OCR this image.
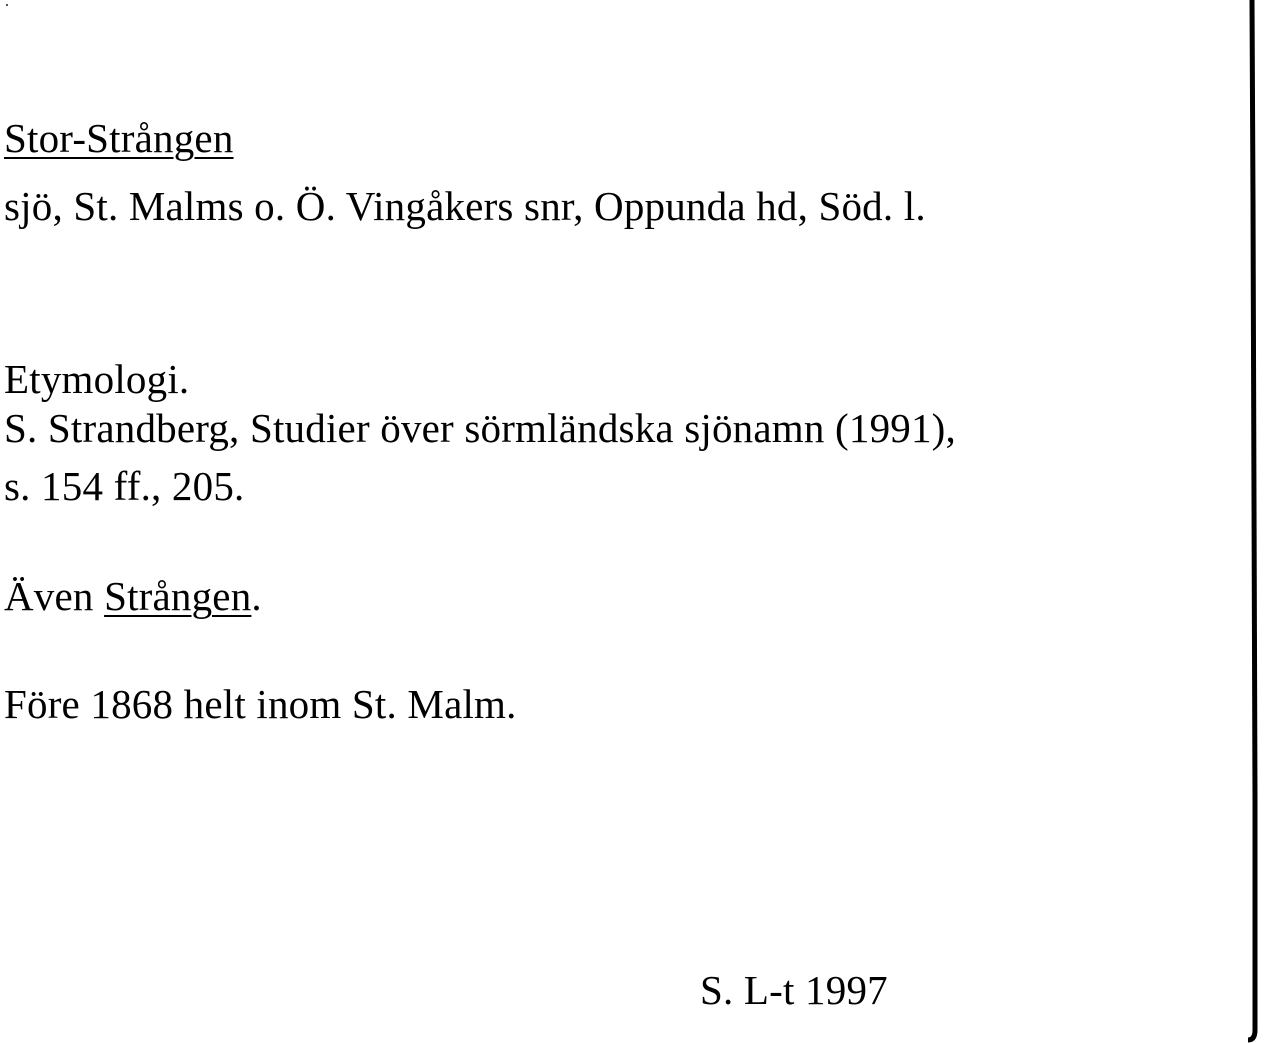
Stor-Strången
sjö, St. Malms o. Ö. Vingåkers snr, Oppunda hd, Söd. l.
Etymologi.
S. Strandberg, Studier över sörmländska sjönamn (1991),
s. 154 ff., 205.
Även Strången.
Före 1868 helt inom St. Malm.
S. L-t 1997
